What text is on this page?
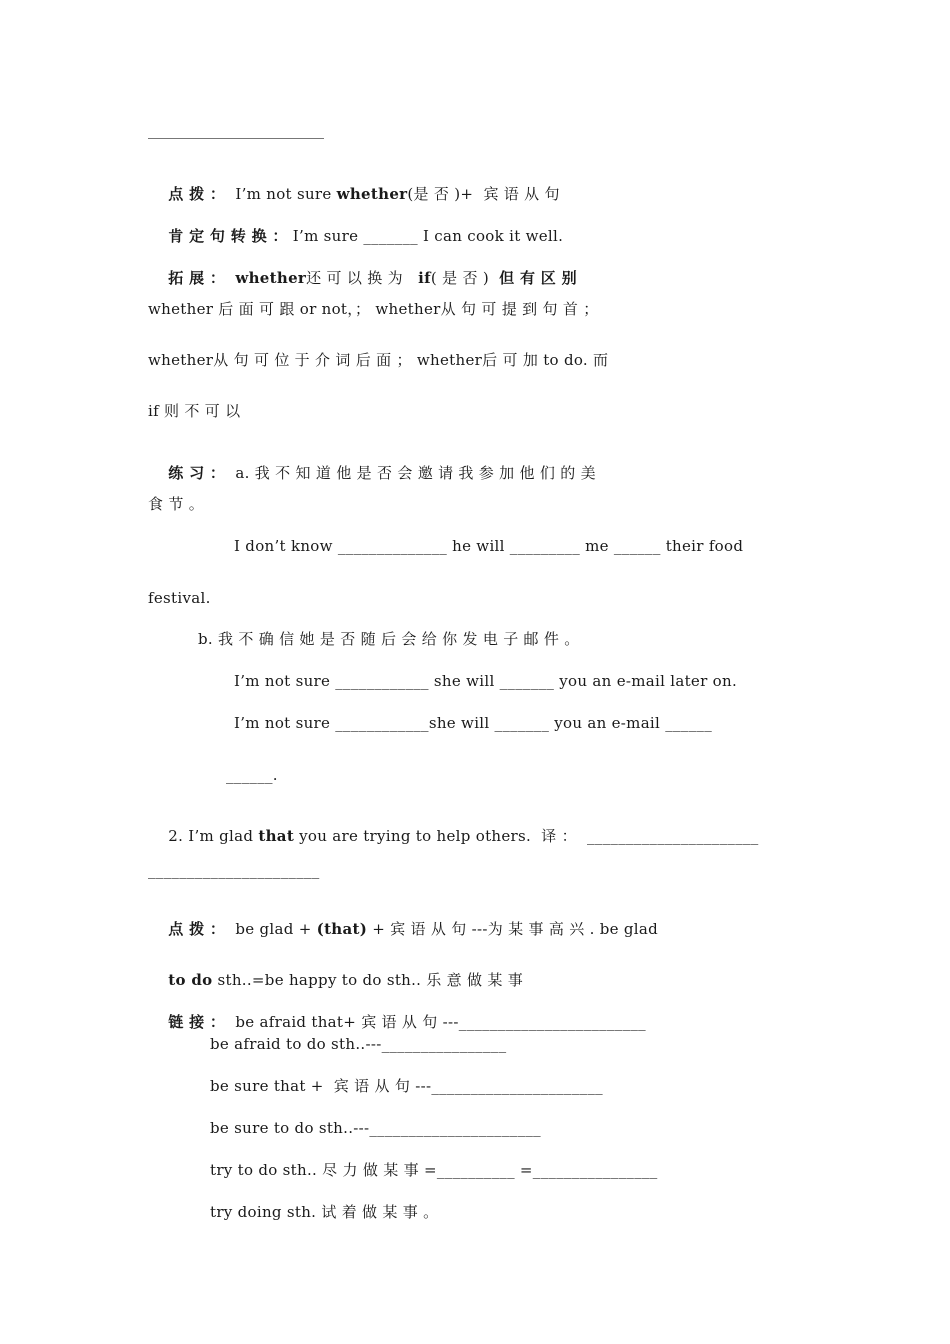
点 拨 ： I’m not sure whether(是 否 )+  宾 语 从 句

肯 定 句 转 换 ： I’m sure _______ I can cook it well.

拓 展 ： whether还 可 以 换 为   if( 是 否 )  但 有 区 别

whether 后 面 可 跟 or not，； whether从 句 可 提 到 句 首 ；
whether从 句 可 位 于 介 词 后 面 ； whether后 可 加 to do. 而
if 则 不 可 以

练 习 ： a. 我 不 知 道 他 是 否 会 邀 请 我 参 加 他 们 的 美

食 节 。
I don’t know ______________ he will _________ me ______ their food
festival.
b. 我 不 确 信 她 是 否 随 后 会 给 你 发 电 子 邮 件 。
I’m not sure ____________ she will _______ you an e-mail later on.
I’m not sure ____________she will _______ you an e-mail ______
______.

2. I’m glad that you are trying to help others.  译 ：  ______________________

______________________

点 拨 ： be glad + (that) + 宾 语 从 句 ---为 某 事 高 兴 . be glad

to do sth..=be happy to do sth.. 乐 意 做 某 事

链 接 ： be afraid that+ 宾 语 从 句 ---________________________

be afraid to do sth..---________________
be sure that +  宾 语 从 句 ---______________________
be sure to do sth..---______________________
try to do sth.. 尽 力 做 某 事 =__________ =________________
try doing sth. 试 着 做 某 事 。
